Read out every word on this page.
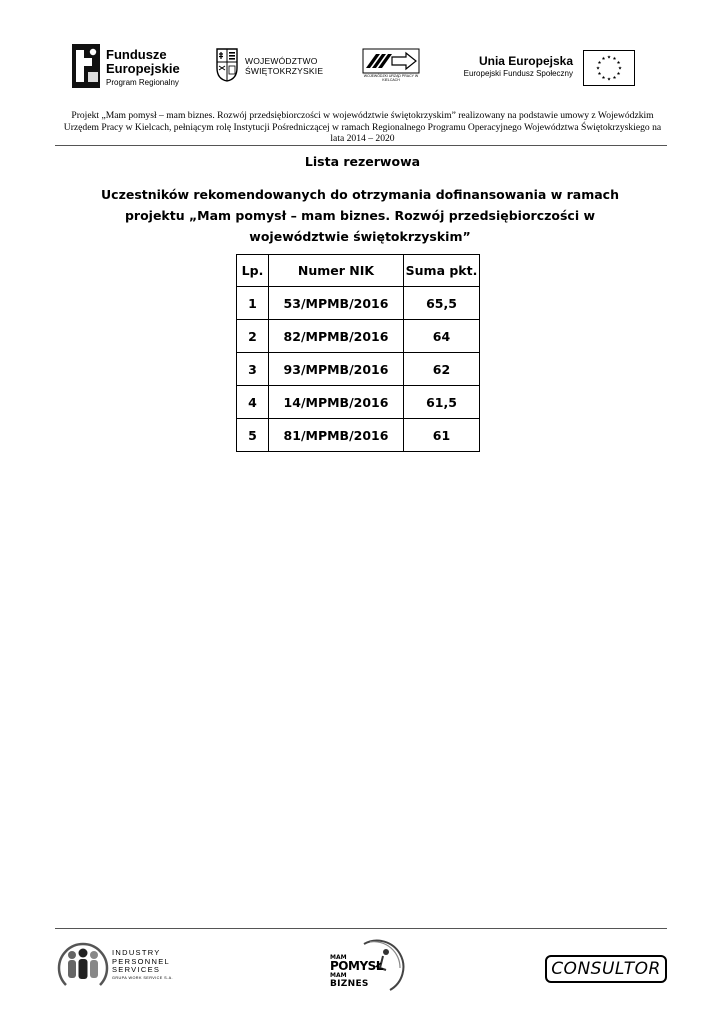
Fundusze
Europejskie
Program Regionalny
WOJEWÓDZTWO
ŚWIĘTOKRZYSKIE	WOJEWÓDZKI URZĄD PRACY W KIELCACH
Unia Europejska
Europejski Fundusz Społeczny
Projekt „Mam pomysł – mam biznes. Rozwój przedsiębiorczości w województwie świętokrzyskim” realizowany na podstawie umowy z Wojewódzkim Urzędem Pracy w Kielcach, pełniącym rolę Instytucji Pośredniczącej w ramach Regionalnego Programu Operacyjnego Województwa Świętokrzyskiego na lata 2014 – 2020
Lista rezerwowa
Uczestników rekomendowanych do otrzymania dofinansowania w ramach projektu „Mam pomysł – mam biznes. Rozwój przedsiębiorczości w województwie świętokrzyskim”
Lp.	Numer NIK	Suma pkt.
1	53/MPMB/2016	65,5
2	82/MPMB/2016	64
3	93/MPMB/2016	62
4	14/MPMB/2016	61,5
5	81/MPMB/2016	61
INDUSTRY
PERSONNEL
SERVICES
GRUPA WORK SERVICE S.A.
MAM
POMYSŁ
MAM
BIZNES
CONSULTOR
